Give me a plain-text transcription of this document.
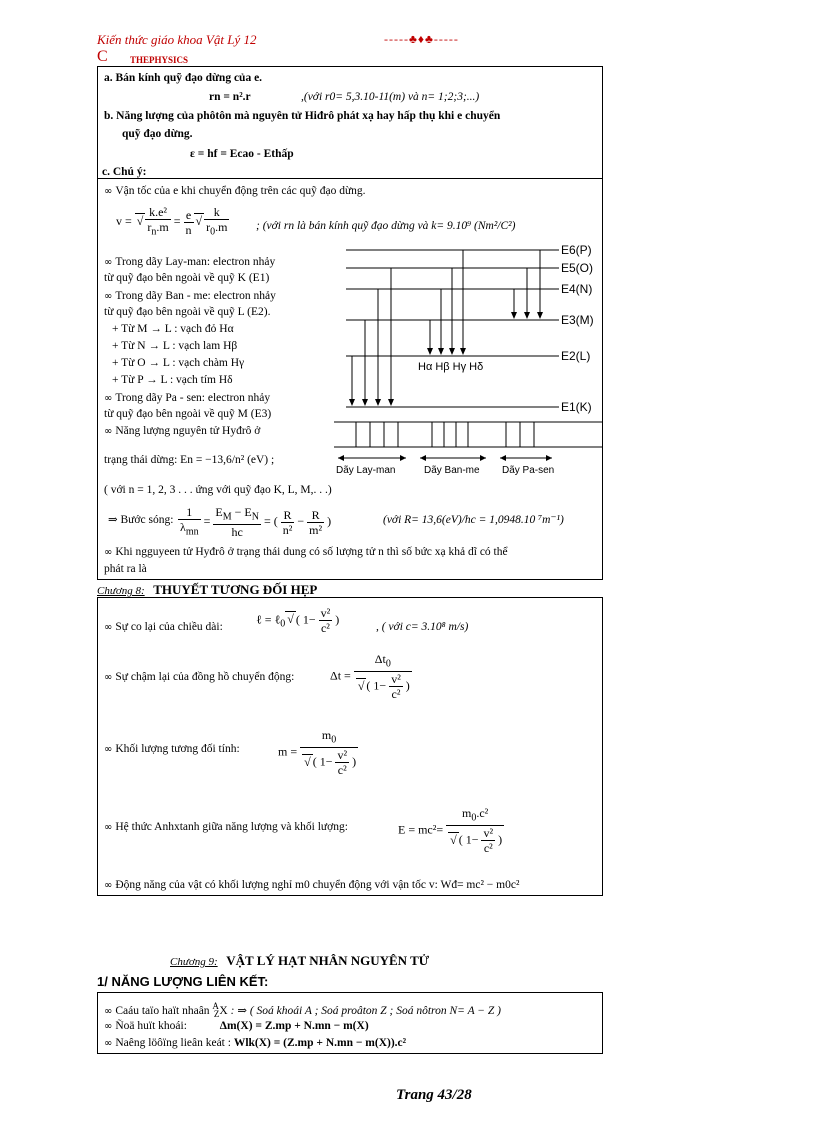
Kiến thức giáo khoa Vật Lý 12	-----♣♦♣-----
C THEPHYSICS
a. Bán kính quỹ đạo dừng của e.
rn = n².r	,(với r0= 5,3.10-11(m) và n= 1;2;3;...)
b. Năng lượng của phôtôn mà nguyên tử Hiđrô phát xạ hay hấp thụ khi e chuyển
quỹ đạo dừng.
ε = hf = Ecao - Ethấp
c. Chú ý:
∞ Vận tốc của e khi chuyển động trên các quỹ đạo dừng.
v = √ $\frac{\text{k.e²}}{r_n.m} = \frac{e}{n}$ √ $\frac{k}{r_0.m}$ ; (với rn là bán kính quỹ đạo dừng và k= 9.10⁹ (Nm²/C²)
∞ Trong dãy Lay-man: electron nhảy
từ quỹ đạo bên ngoài về quỹ K (E1)
∞ Trong dãy Ban - me: electron nhảy
từ quỹ đạo bên ngoài về quỹ L (E2).
+ Từ M → L : vạch đỏ Hα
+ Từ N → L : vạch lam Hβ
+ Từ O → L : vạch chàm Hγ
+ Từ P → L : vạch tím Hδ
∞ Trong dãy Pa - sen: electron nhảy
từ quỹ đạo bên ngoài về quỹ M (E3)
∞ Năng lượng nguyên tử Hyđrô ở
trạng thái dừng: En = −13,6/n² (eV) ;
( với n = 1, 2, 3 . . . ứng với quỹ đạo K, L, M,. . .)
⇒ Bước sóng: $\frac{1}{\lambda_{mn}} = \frac{E_M - E_N}{hc}$ = ( $\frac{R}{\text{n²}} - \frac{R}{\text{m²}}$ )	(với R= 13,6(eV)/hc = 1,0948.10 ⁷m⁻¹)
∞ Khi ngguyeen tử Hyđrô ở trạng thái dung có số lượng tử n thì số bức xạ khả dĩ có thể
phát ra là
E6(P)
E5(O)
E4(N)
E3(M)
E2(L)
E1(K)
Hα Hβ Hγ Hδ
Dãy Lay-man	Dãy Ban-me Dãy Pa-sen
Chương 8: THUYẾT TƯƠNG ĐỐI HẸP
∞ Sự co lại của chiều dài:
ℓ = ℓ$_0$ √ ( $1- \frac{\text{v²}}{\text{c²}}$ )
, ( với c= 3.10⁸ m/s)
∞ Sự chậm lại của đồng hồ chuyển động:	$\Delta t = \frac{\Delta t_0}{√ ( 1- \frac{\text{v²}}{\text{c²}} )}$
∞ Khối lượng tương đối tính:	$m = \frac{m_0}{√ ( 1- \frac{\text{v²}}{\text{c²}} )}$
∞ Hệ thức Anhxtanh giữa năng lượng và khối lượng:	$E = mc^2= \frac{m_0.c^2}{√ ( 1- \frac{\text{v²}}{\text{c²}} )}$
∞ Động năng của vật có khối lượng nghỉ m0 chuyển động với vận tốc v: Wđ= mc² − m0c²
Chương 9: VẬT LÝ HẠT NHÂN NGUYÊN TỬ
1/ NĂNG LƯỢNG LIÊN KẾT:
∞ Caáu taïo haït nhaân $^A_Z$X : ⇒ ( Soá khoái A ; Soá proâton Z ; Soá nôtron N= A − Z )
∞ Ñoä huït khoái:	Δm(X) = Z.mp + N.mn − m(X)
∞ Naêng löôïng lieân keát : Wlk(X) = (Z.mp + N.mn − m(X)).c²
Trang 43/28
